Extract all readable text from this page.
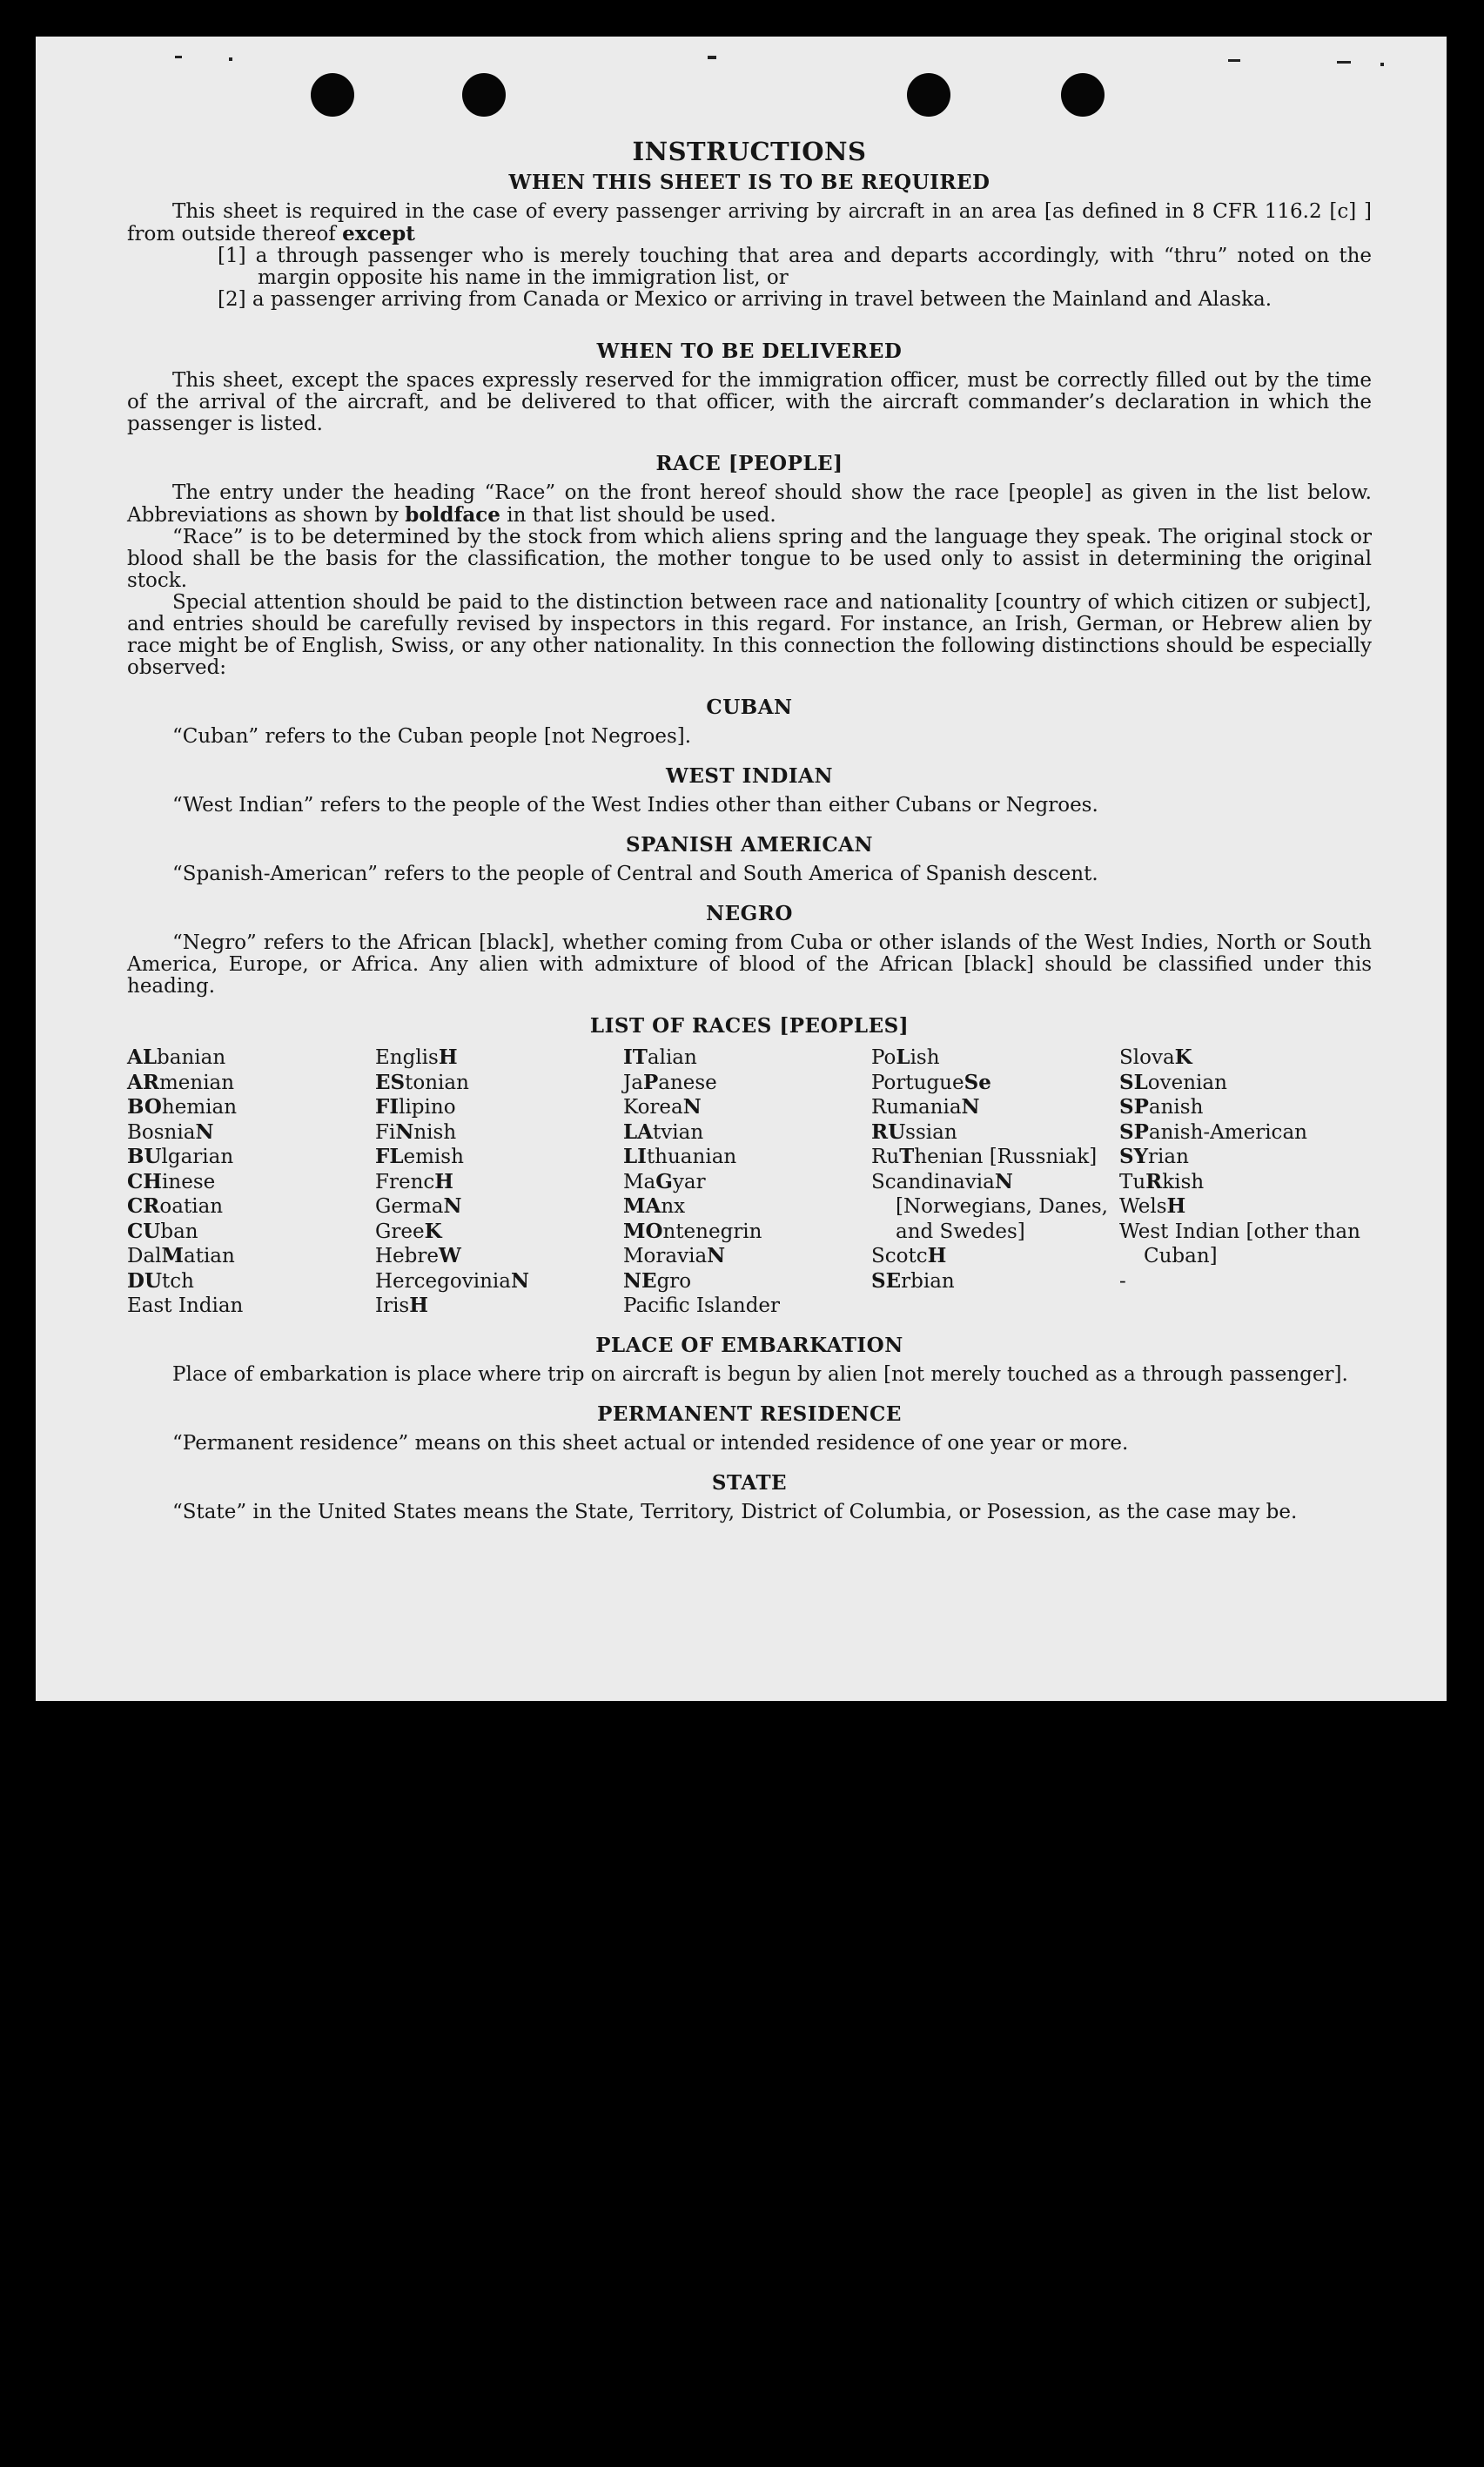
INSTRUCTIONS
WHEN THIS SHEET IS TO BE REQUIRED

This sheet is required in the case of every passenger arriving by aircraft in an area [as defined in 8 CFR 116.2 [c] ] from outside thereof except

[1] a through passenger who is merely touching that area and departs accordingly, with “thru” noted on the margin opposite his name in the immigration list, or

[2] a passenger arriving from Canada or Mexico or arriving in travel between the Mainland and Alaska.

WHEN TO BE DELIVERED

This sheet, except the spaces expressly reserved for the immigration officer, must be correctly filled out by the time of the arrival of the aircraft, and be delivered to that officer, with the aircraft commander’s declaration in which the passenger is listed.

RACE [PEOPLE]

The entry under the heading “Race” on the front hereof should show the race [people] as given in the list below. Abbreviations as shown by boldface in that list should be used.

“Race” is to be determined by the stock from which aliens spring and the language they speak. The original stock or blood shall be the basis for the classification, the mother tongue to be used only to assist in determining the original stock.

Special attention should be paid to the distinction between race and nationality [country of which citizen or subject], and entries should be carefully revised by inspectors in this regard. For instance, an Irish, German, or Hebrew alien by race might be of English, Swiss, or any other nationality. In this connection the following distinctions should be especially observed:

CUBAN

“Cuban” refers to the Cuban people [not Negroes].

WEST INDIAN

“West Indian” refers to the people of the West Indies other than either Cubans or Negroes.

SPANISH AMERICAN

“Spanish-American” refers to the people of Central and South America of Spanish descent.

NEGRO

“Negro” refers to the African [black], whether coming from Cuba or other islands of the West Indies, North or South America, Europe, or Africa. Any alien with admixture of blood of the African [black] should be classified under this heading.

LIST OF RACES [PEOPLES]
ALbanian
ARmenian
BOhemian
BosniaN
BUlgarian
CHinese
CRoatian
CUban
DalMatian
DUtch
East Indian
EnglisH
EStonian
FIlipino
FiNnish
FLemish
FrencH
GermaN
GreeK
HebreW
HercegoviniaN
IrisH
ITalian
JaPanese
KoreaN
LAtvian
LIthuanian
MaGyar
MAnx
MOntenegrin
MoraviaN
NEgro
Pacific Islander
PoLish
PortugueSe
RumaniaN
RUssian
RuThenian [Russniak]
ScandinaviaN [Norwegians, Danes, and Swedes]
ScotcH
SErbian
SlovaK
SLovenian
SPanish
SPanish-American
SYrian
TuRkish
WelsH
West Indian [other than Cuban]
-
PLACE OF EMBARKATION

Place of embarkation is place where trip on aircraft is begun by alien [not merely touched as a through passenger].

PERMANENT RESIDENCE

“Permanent residence” means on this sheet actual or intended residence of one year or more.

STATE

“State” in the United States means the State, Territory, District of Columbia, or Posession, as the case may be.
